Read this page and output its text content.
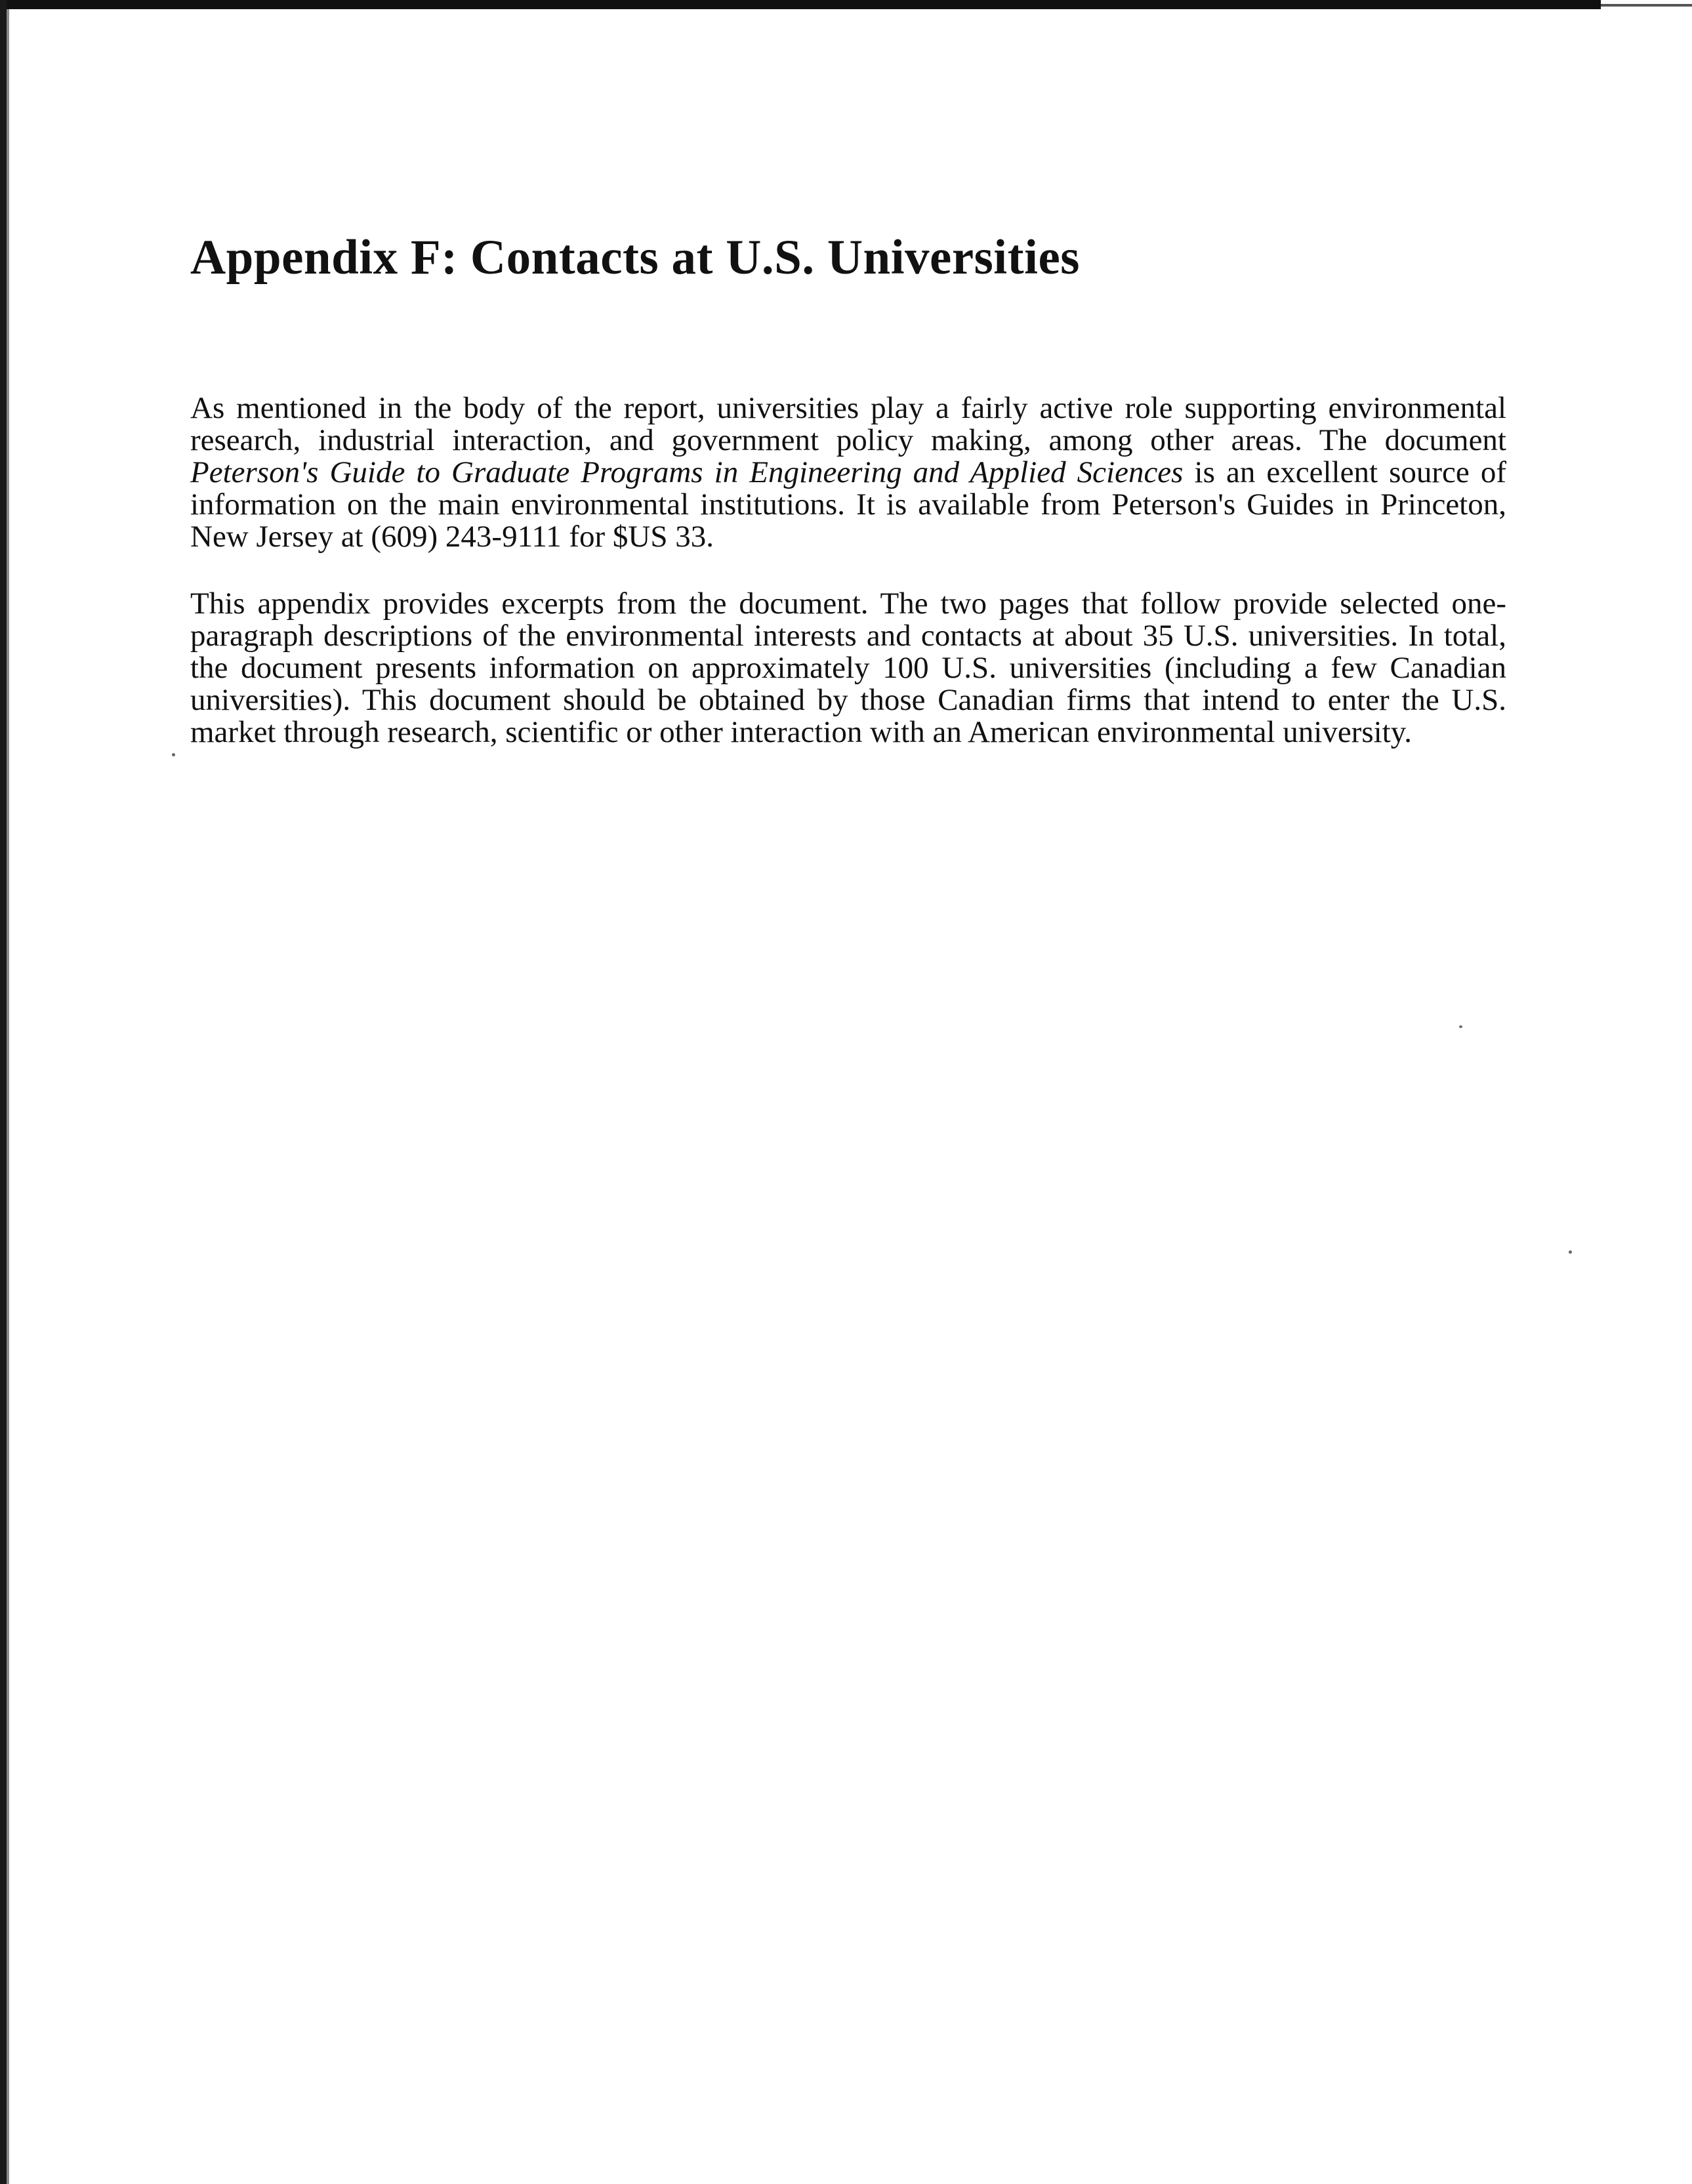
Appendix F: Contacts at U.S. Universities

As mentioned in the body of the report, universities play a fairly active role supporting environmental research, industrial interaction, and government policy making, among other areas. The document Peterson's Guide to Graduate Programs in Engineering and Applied Sciences is an excellent source of information on the main environmental institutions. It is available from Peterson's Guides in Princeton, New Jersey at (609) 243-9111 for $US 33.

This appendix provides excerpts from the document. The two pages that follow provide selected one-paragraph descriptions of the environmental interests and contacts at about 35 U.S. universities. In total, the document presents information on approximately 100 U.S. universities (including a few Canadian universities). This document should be obtained by those Canadian firms that intend to enter the U.S. market through research, scientific or other interaction with an American environmental university.
